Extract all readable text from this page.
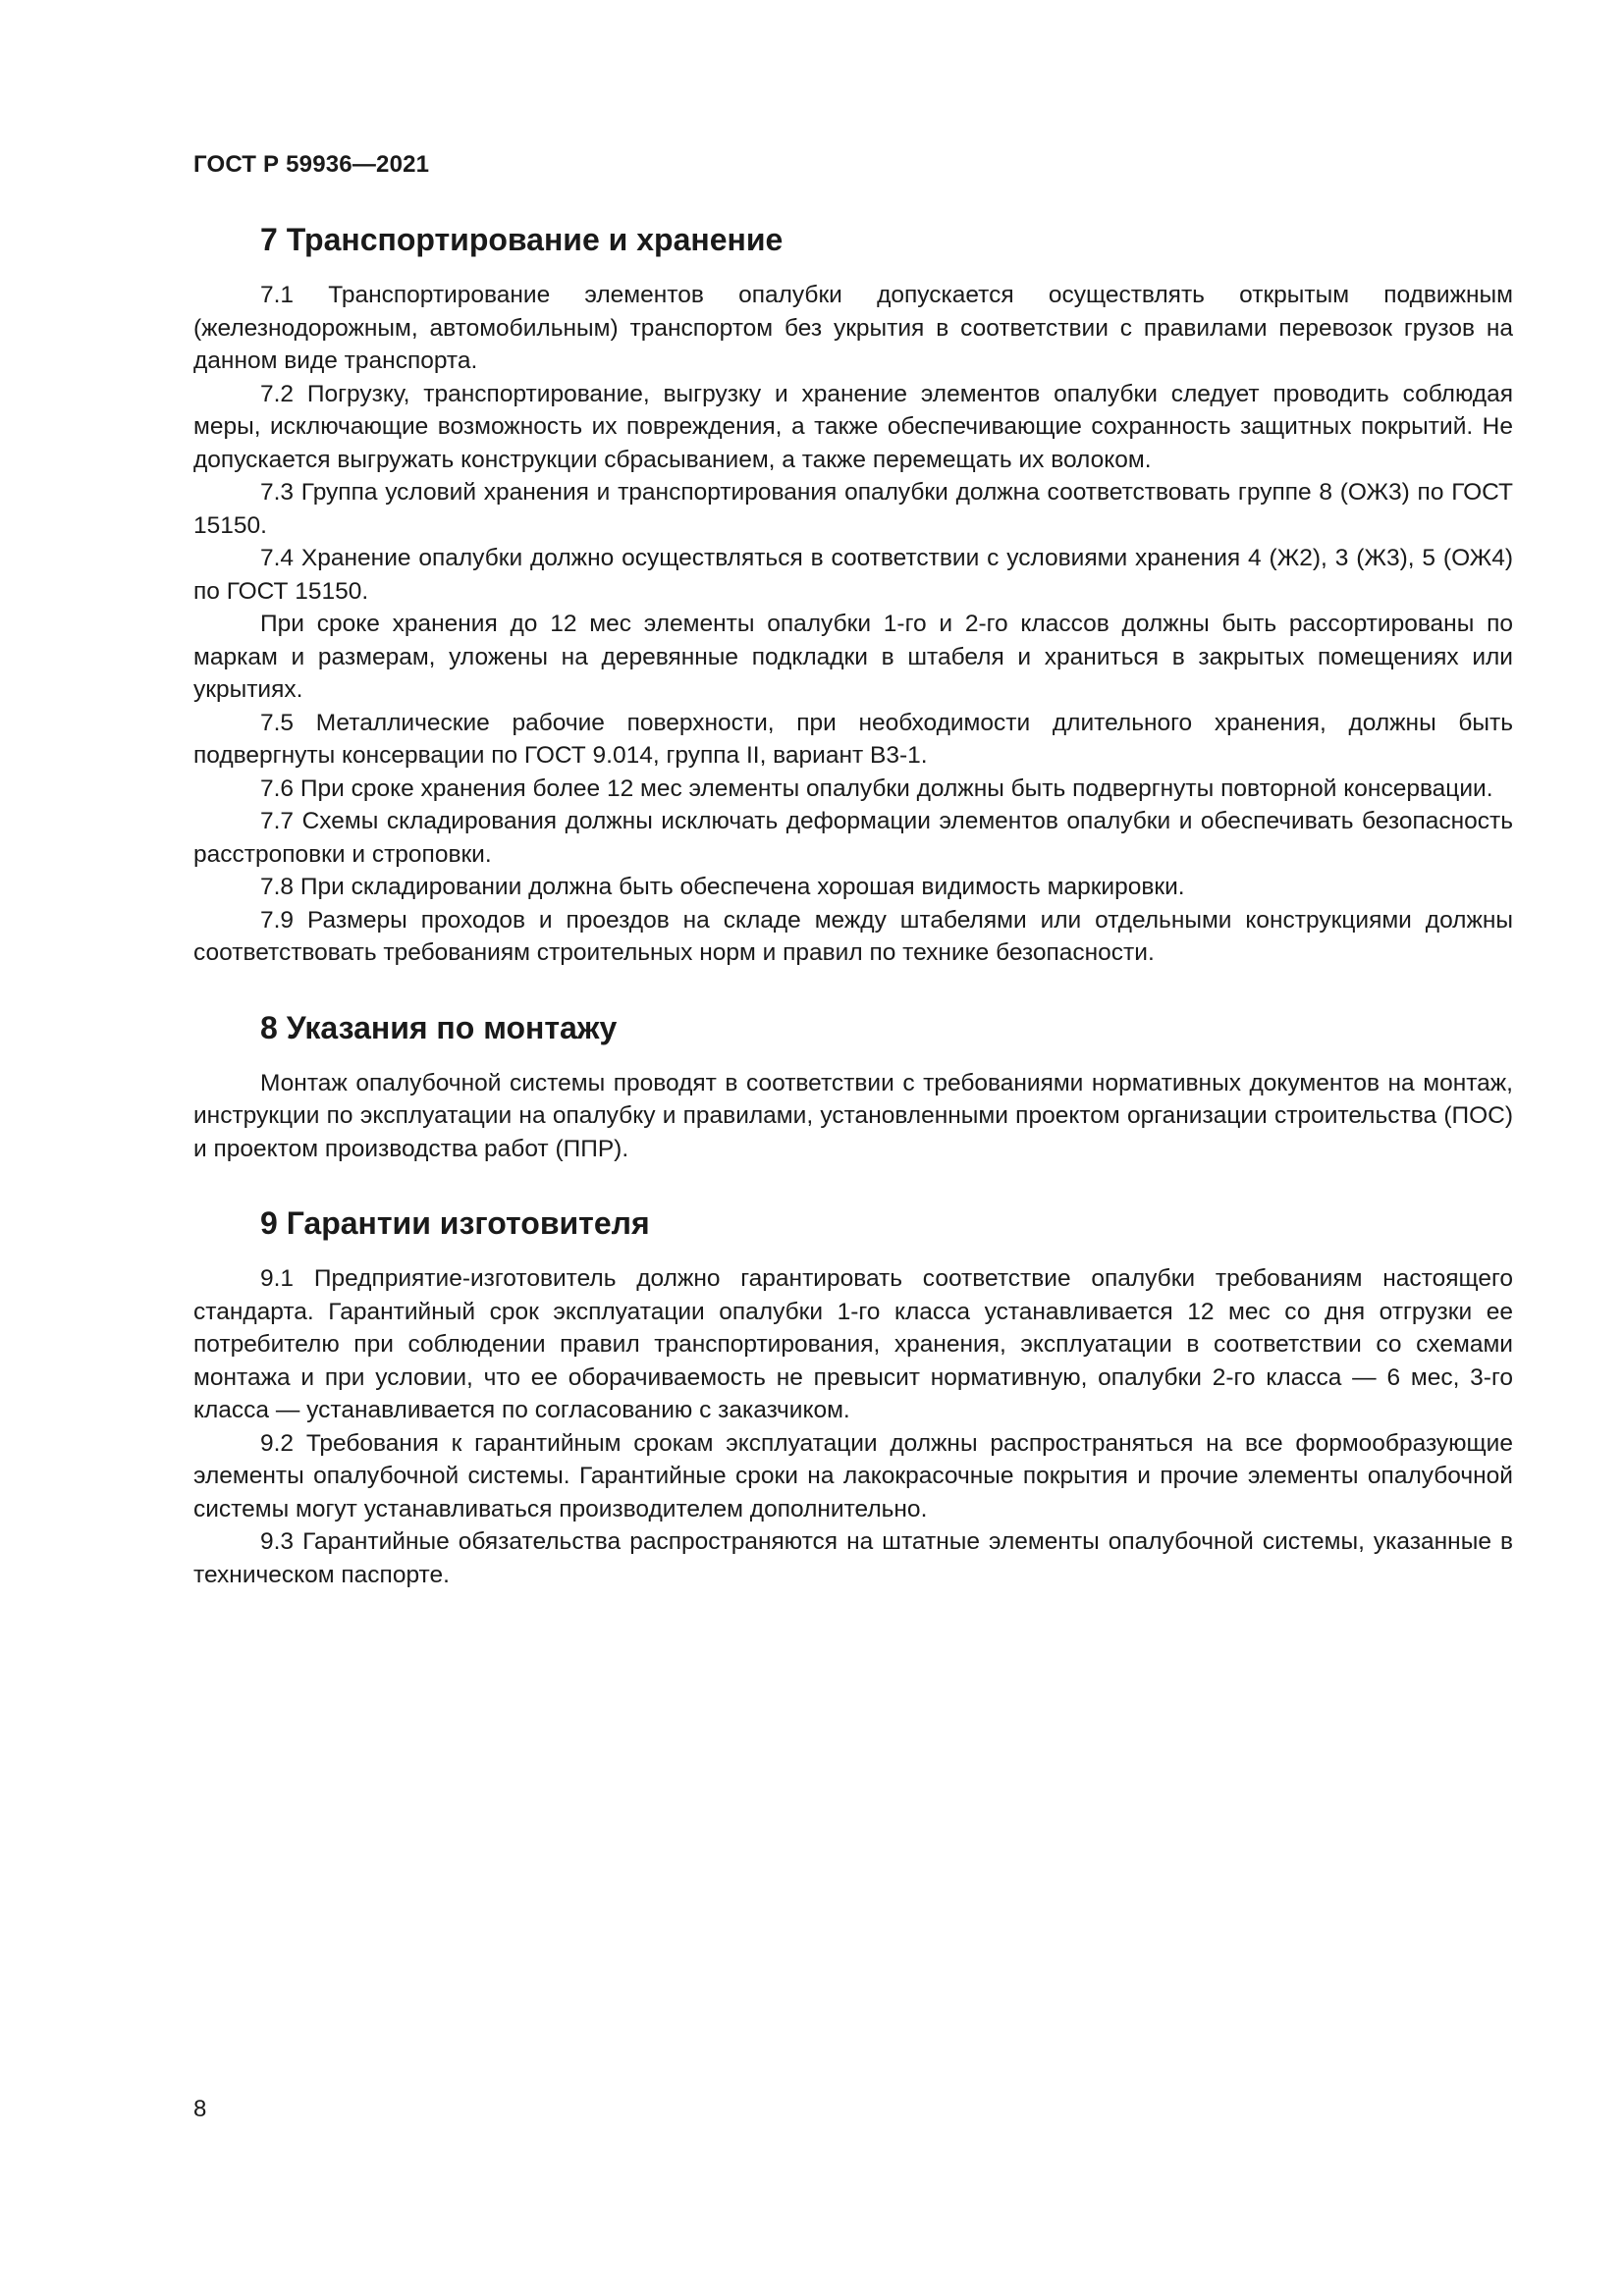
ГОСТ Р 59936—2021
7 Транспортирование и хранение

7.1 Транспортирование элементов опалубки допускается осуществлять открытым подвижным (железнодорожным, автомобильным) транспортом без укрытия в соответствии с правилами перевозок грузов на данном виде транспорта.

7.2 Погрузку, транспортирование, выгрузку и хранение элементов опалубки следует проводить соблюдая меры, исключающие возможность их повреждения, а также обеспечивающие сохранность защитных покрытий. Не допускается выгружать конструкции сбрасыванием, а также перемещать их волоком.

7.3 Группа условий хранения и транспортирования опалубки должна соответствовать группе 8 (ОЖ3) по ГОСТ 15150.

7.4 Хранение опалубки должно осуществляться в соответствии с условиями хранения 4 (Ж2), 3 (Ж3), 5 (ОЖ4) по ГОСТ 15150.

При сроке хранения до 12 мес элементы опалубки 1-го и 2-го классов должны быть рассортированы по маркам и размерам, уложены на деревянные подкладки в штабеля и храниться в закрытых помещениях или укрытиях.

7.5 Металлические рабочие поверхности, при необходимости длительного хранения, должны быть подвергнуты консервации по ГОСТ 9.014, группа II, вариант В3-1.

7.6 При сроке хранения более 12 мес элементы опалубки должны быть подвергнуты повторной консервации.

7.7 Схемы складирования должны исключать деформации элементов опалубки и обеспечивать безопасность расстроповки и строповки.

7.8 При складировании должна быть обеспечена хорошая видимость маркировки.

7.9 Размеры проходов и проездов на складе между штабелями или отдельными конструкциями должны соответствовать требованиям строительных норм и правил по технике безопасности.

8 Указания по монтажу

Монтаж опалубочной системы проводят в соответствии с требованиями нормативных документов на монтаж, инструкции по эксплуатации на опалубку и правилами, установленными проектом организации строительства (ПОС) и проектом производства работ (ППР).

9 Гарантии изготовителя

9.1 Предприятие-изготовитель должно гарантировать соответствие опалубки требованиям настоящего стандарта. Гарантийный срок эксплуатации опалубки 1-го класса устанавливается 12 мес со дня отгрузки ее потребителю при соблюдении правил транспортирования, хранения, эксплуатации в соответствии со схемами монтажа и при условии, что ее оборачиваемость не превысит нормативную, опалубки 2-го класса — 6 мес, 3-го класса — устанавливается по согласованию с заказчиком.

9.2 Требования к гарантийным срокам эксплуатации должны распространяться на все формообразующие элементы опалубочной системы. Гарантийные сроки на лакокрасочные покрытия и прочие элементы опалубочной системы могут устанавливаться производителем дополнительно.

9.3 Гарантийные обязательства распространяются на штатные элементы опалубочной системы, указанные в техническом паспорте.

8
